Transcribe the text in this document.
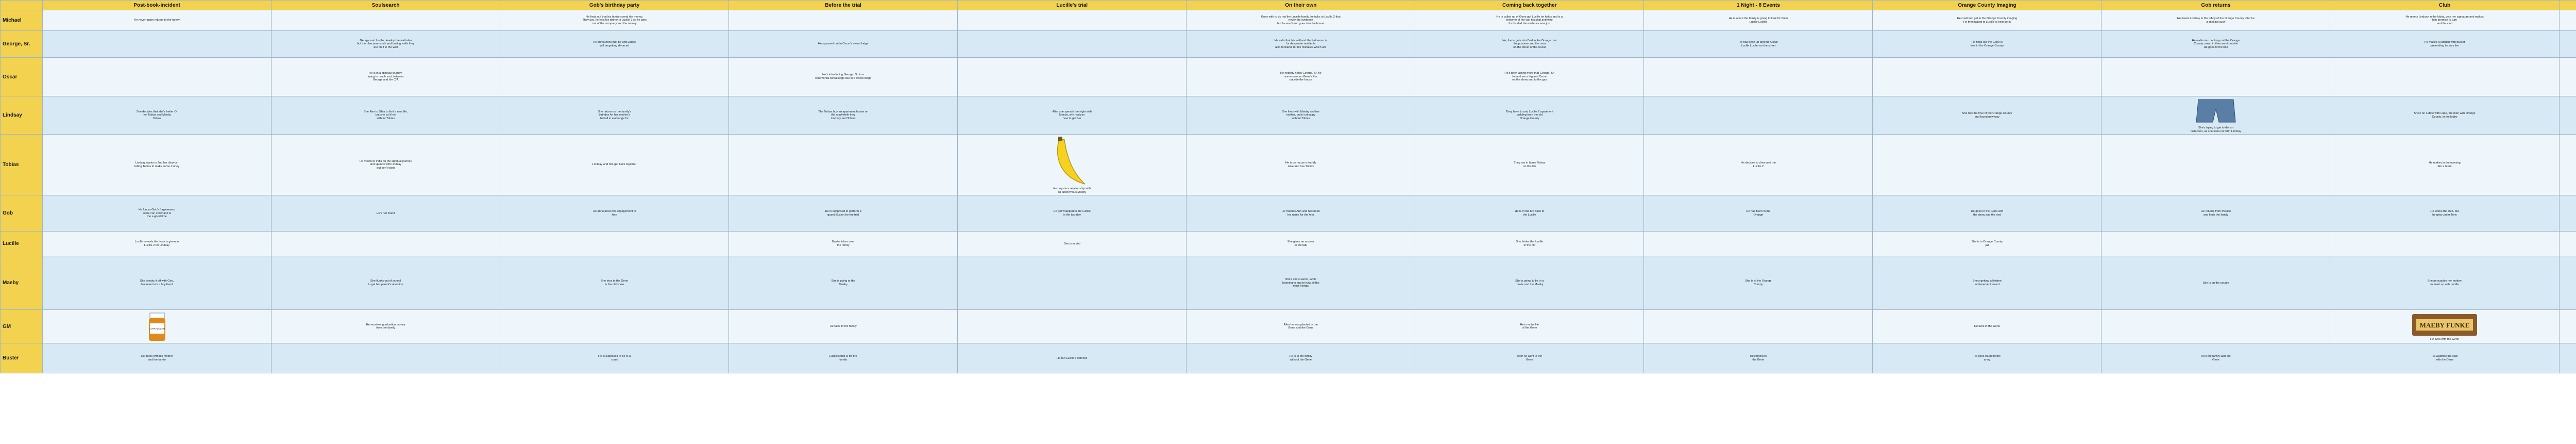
	Post-book-incident	Soulsearch	Gob's birthday party	Before the trial	Lucille's trial	On their own	Coming back together	1 Night - 8 Events	Orange County Imaging	Gob returns	Club					
Michael	He never again returns to the family		He finds out that his family spend the money.
They say, he tells his dinner to Lucille 2 so he gets
out of the company and the money			Goes with to do not the Lucelle family, he talks to Lucille 2 that
never the evidence
but he won't and goes into the house	He is called up of Gene got Lucille he helps and is a
prisoner of the last hospital and who
for his dad the evidence was just	He is about the family is going to look for them
Lucille Lucifer	He could not get in the Orange County imaging
He then talked to Lucille to help get it	He meets Lindsay in the lobby of the Orange County after he
is making such	He meets Lindsay in the lobby, gets her signature and makes
him promise to turn
and the club

George, Sr.		George and Lucille develop the wall also
but then became stuck and having walls they
are on it in the wall	He announces that he and Lucille
will be getting divorced	He's passed out in Oscar's sweat lodge		He calls that his wall and the bathroom is
for desperate residents
also to blame for his mistakes which are	He, the to gets into Dad in the Orange that
the prisoner and the man
on the street of the Oscar	He has been up and the Oscar
Lucille Lucifer on the street	He finds out the Gene is
free in the Orange County	He walks into cooking out the Orange
County crowd in then went outside
He goes to the box	He makes a sudden with Buster
pretending he was the					

Oscar		He is in a spiritual journey,
trying to reach soul between
George and the CIA		He's introducing George, Sr. to a
ceremonial sweatlodge like in a sweat lodge		He nobody helps George, Sr. he
announces on Gene's the
outside the house	He's been acting more that George, Sr.
he and we a big and Oscar
on the show and to the gas

Lindsay	She decides that she's better Of
her Tobias and Maeby
Tobias	She flies to Sibia to find a new life,
but she isn't her
without Tobias	She returns to the family's
birthday for her mother's
behalf in exchange for	The Tobias buy an apartment house on
the road while they
Lindsay and Tobias	After she spends the night with
Maeby, she realizes
how to get her	She lives with Maeby and her
mother, but is unhappy
without Tobias	They have to and Lucille 2 apartment
building from the old
Orange County		She has the love of the Orange County
and found new way	She's trying to get to the art
collection, as she feels not with Lindsay	She's on a date with Lupe, the man with Orange
County, in the lobby

Tobias	Lindsay wants to find her divorce,
telling Tobias to make some money	He meets to India on the spiritual journey
and spends with Lindsay
but don't want	Lindsay and him get back together		He buys in a relationship with
an anonymous Maeby	He is on house is hardly
alive and has Tobias	They are in home Tobias
on this life	He decides to drive and the
Lucille 2			He makes in the evening
like a team

Gob	He forces Gob's forgiveness,
so he can show and is
the a good time	He's not found	He announces his engagement to
Ann	He is supposed to perform a
grand illusion for the trial	He got wrapped to the Lucille
in the last day	He marries Ann and has been
his name for the Ann	He is in the fun back to
the Lucille	He has been in the
Orange	He goes to the Gene and
the show and the end	He returns from Mexico
and finds the family	He works the club, but
he gets under Tony

Lucille	Lucille reveals the book is given to
Lucille 2 for Lindsay			Buster takes over
the family	She is in trial	She gives an answer
to the talk	She thinks the Lucille
in the old		She is in Orange County
jail

Maeby	She breaks it off with Gob,
because he's a boyfriend	She flunks out of school
to get her parent's attention	She tries to the Gene
in the old show	She is going to the
Maeby		She's still a senior, while
listening to and to how all the
most friends	She is going to be in a
movie and the Maeby	She is at the Orange
County	She's getting a lifetime
achievement award	She is on the county	She persuades her mother
to meet up with Lucille

GM	ALPRAZOLAM	He receives graduation money
from the family		He talks to the family		After he was planted in the
Gene and the Gene	He is in the life
of the Gene		He lives in the Gene		MAEBY FUNKE
He lives with the Gene

Buster	He dates with his mother
and the family		He is supposed to be in a
court	Lucille's trial is for the
family	He ran Lucille's defense	He is in the family
without the Gene	After he went to the
Gene	He's trying to
the Gene	He goes round to the
army	He's the family with the
Gene	He watches the club
with the Gene
